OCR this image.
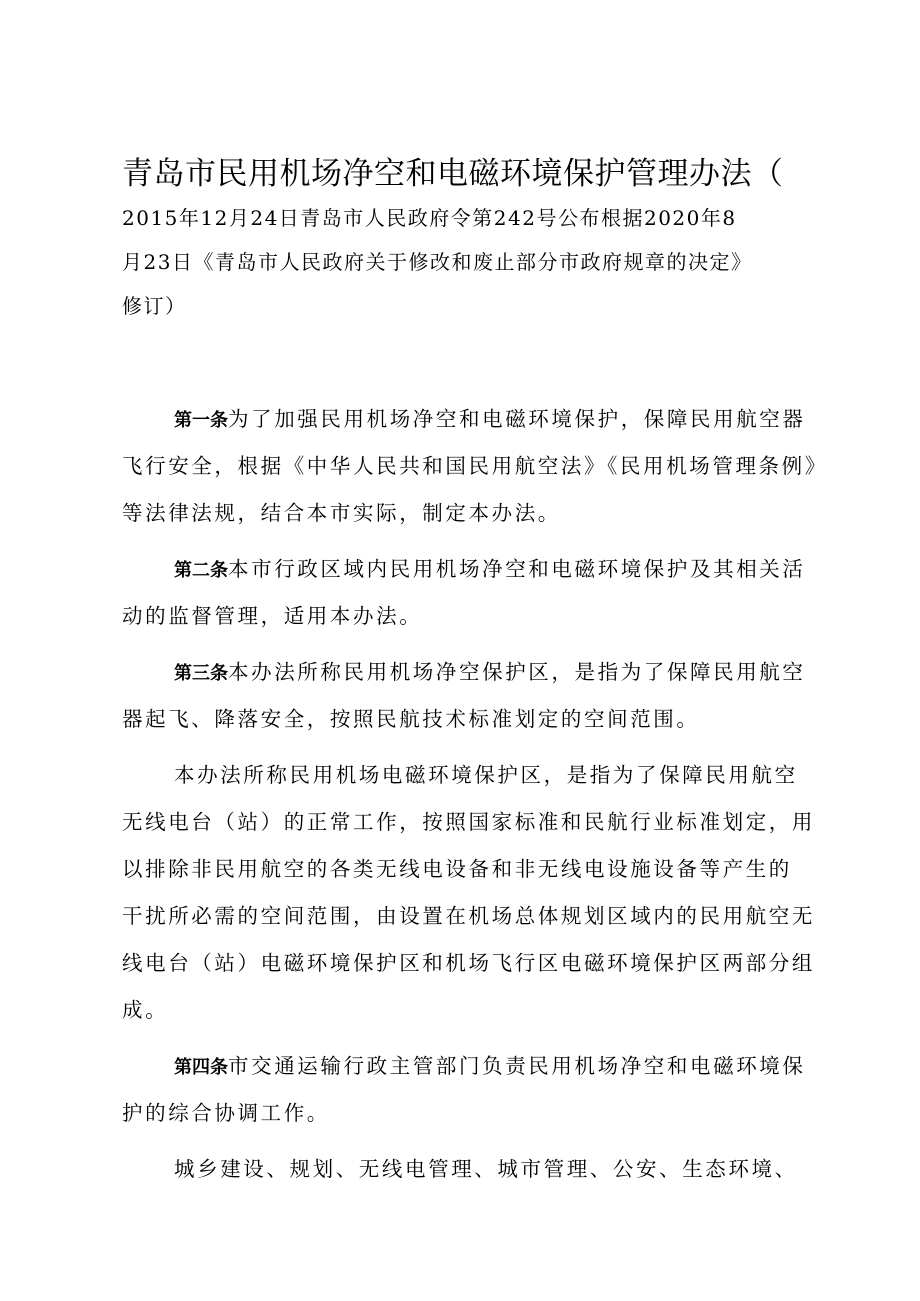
青岛市民用机场净空和电磁环境保护管理办法（
2015年12月24日青岛市人民政府令第242号公布根据2020年8
月23日《青岛市人民政府关于修改和废止部分市政府规章的决定》
修订）
第一条为了加强民用机场净空和电磁环境保护，保障民用航空器
飞行安全，根据《中华人民共和国民用航空法》《民用机场管理条例》
等法律法规，结合本市实际，制定本办法。
第二条本市行政区域内民用机场净空和电磁环境保护及其相关活
动的监督管理，适用本办法。
第三条本办法所称民用机场净空保护区，是指为了保障民用航空
器起飞、降落安全，按照民航技术标准划定的空间范围。
本办法所称民用机场电磁环境保护区，是指为了保障民用航空
无线电台（站）的正常工作，按照国家标准和民航行业标准划定，用
以排除非民用航空的各类无线电设备和非无线电设施设备等产生的
干扰所必需的空间范围，由设置在机场总体规划区域内的民用航空无
线电台（站）电磁环境保护区和机场飞行区电磁环境保护区两部分组
成。
第四条市交通运输行政主管部门负责民用机场净空和电磁环境保
护的综合协调工作。
城乡建设、规划、无线电管理、城市管理、公安、生态环境、
